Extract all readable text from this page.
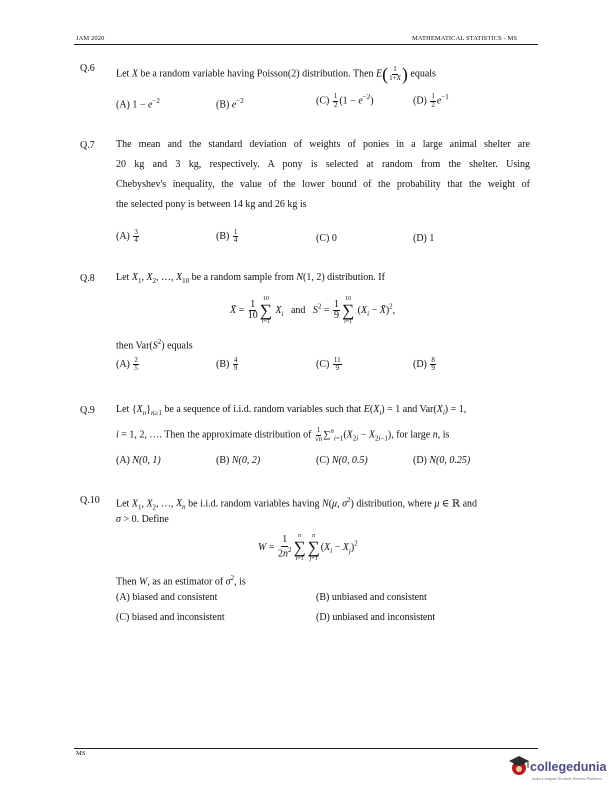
JAM 2020	MATHEMATICAL STATISTICS - MS
Q.6 Let X be a random variable having Poisson(2) distribution. Then $E( \frac{1}{1+X}$ ) equals
(A) $1 - e^{-2}$	(B) $e^{-2}$	$(C) \frac{1}{2} (1 - e^{-2})$	$(D) \frac{1}{2} e^{-1}$
Q.7 The mean and the standard deviation of weights of ponies in a large animal shelter are
20 kg and 3 kg, respectively. A pony is selected at random from the shelter. Using
Chebyshev's inequality, the value of the lower bound of the probability that the weight of
the selected pony is between 14 kg and 26 kg is
$(A) \frac{3}{4}$	$(B) \frac{1}{4}$	(C) 0	(D) 1
Q.8 Let $X_1$, $X_2$, …, $X_{10}$ be a random sample from N(1, 2) distribution. If
X̄ = $\frac{1}{10}$
10
∑
i=1
$X_i$   and   $S^2 = \frac{1}{9}$
10
∑
i=1
($X_i$ − X̄)$^2$,
then $Var(S^2)$ equals
$(A) \frac{2}{5}$	$(B) \frac{4}{9}$	$(C) \frac{11}{9}$	$(D) \frac{8}{9}$
Q.9 Let $\{X_n\}_{n\ge 1}$ be a sequence of i.i.d. random variables such that $E(X_i) = 1$ and $Var(X_i) = 1$,
i = 1, 2, …. Then the approximate distribution of $\frac{1}{√n} \sum^n_{i=1}(X_{2i} - X_{2i-1})$, for large n, is
(A) N(0, 1)	(B) N(0, 2)	(C) N(0, 0.5)	(D) N(0, 0.25)
Q.10 Let $X_1$, $X_2$, …, $X_n$ be i.i.d. random variables having N(μ, $\sigma^2$) distribution, where μ ∈ ℝ and
σ > 0. Define
$W = \frac{1}{2n^2}$ n
∑
i=1
n
∑
j=1
$(X_i - X_j)^2$
Then W, as an estimator of $\sigma^2$, is
(A) biased and consistent	(B) unbiased and consistent
(C) biased and inconsistent	(D) unbiased and inconsistent
MS
collegedunia
India's largest Student Review Platform
